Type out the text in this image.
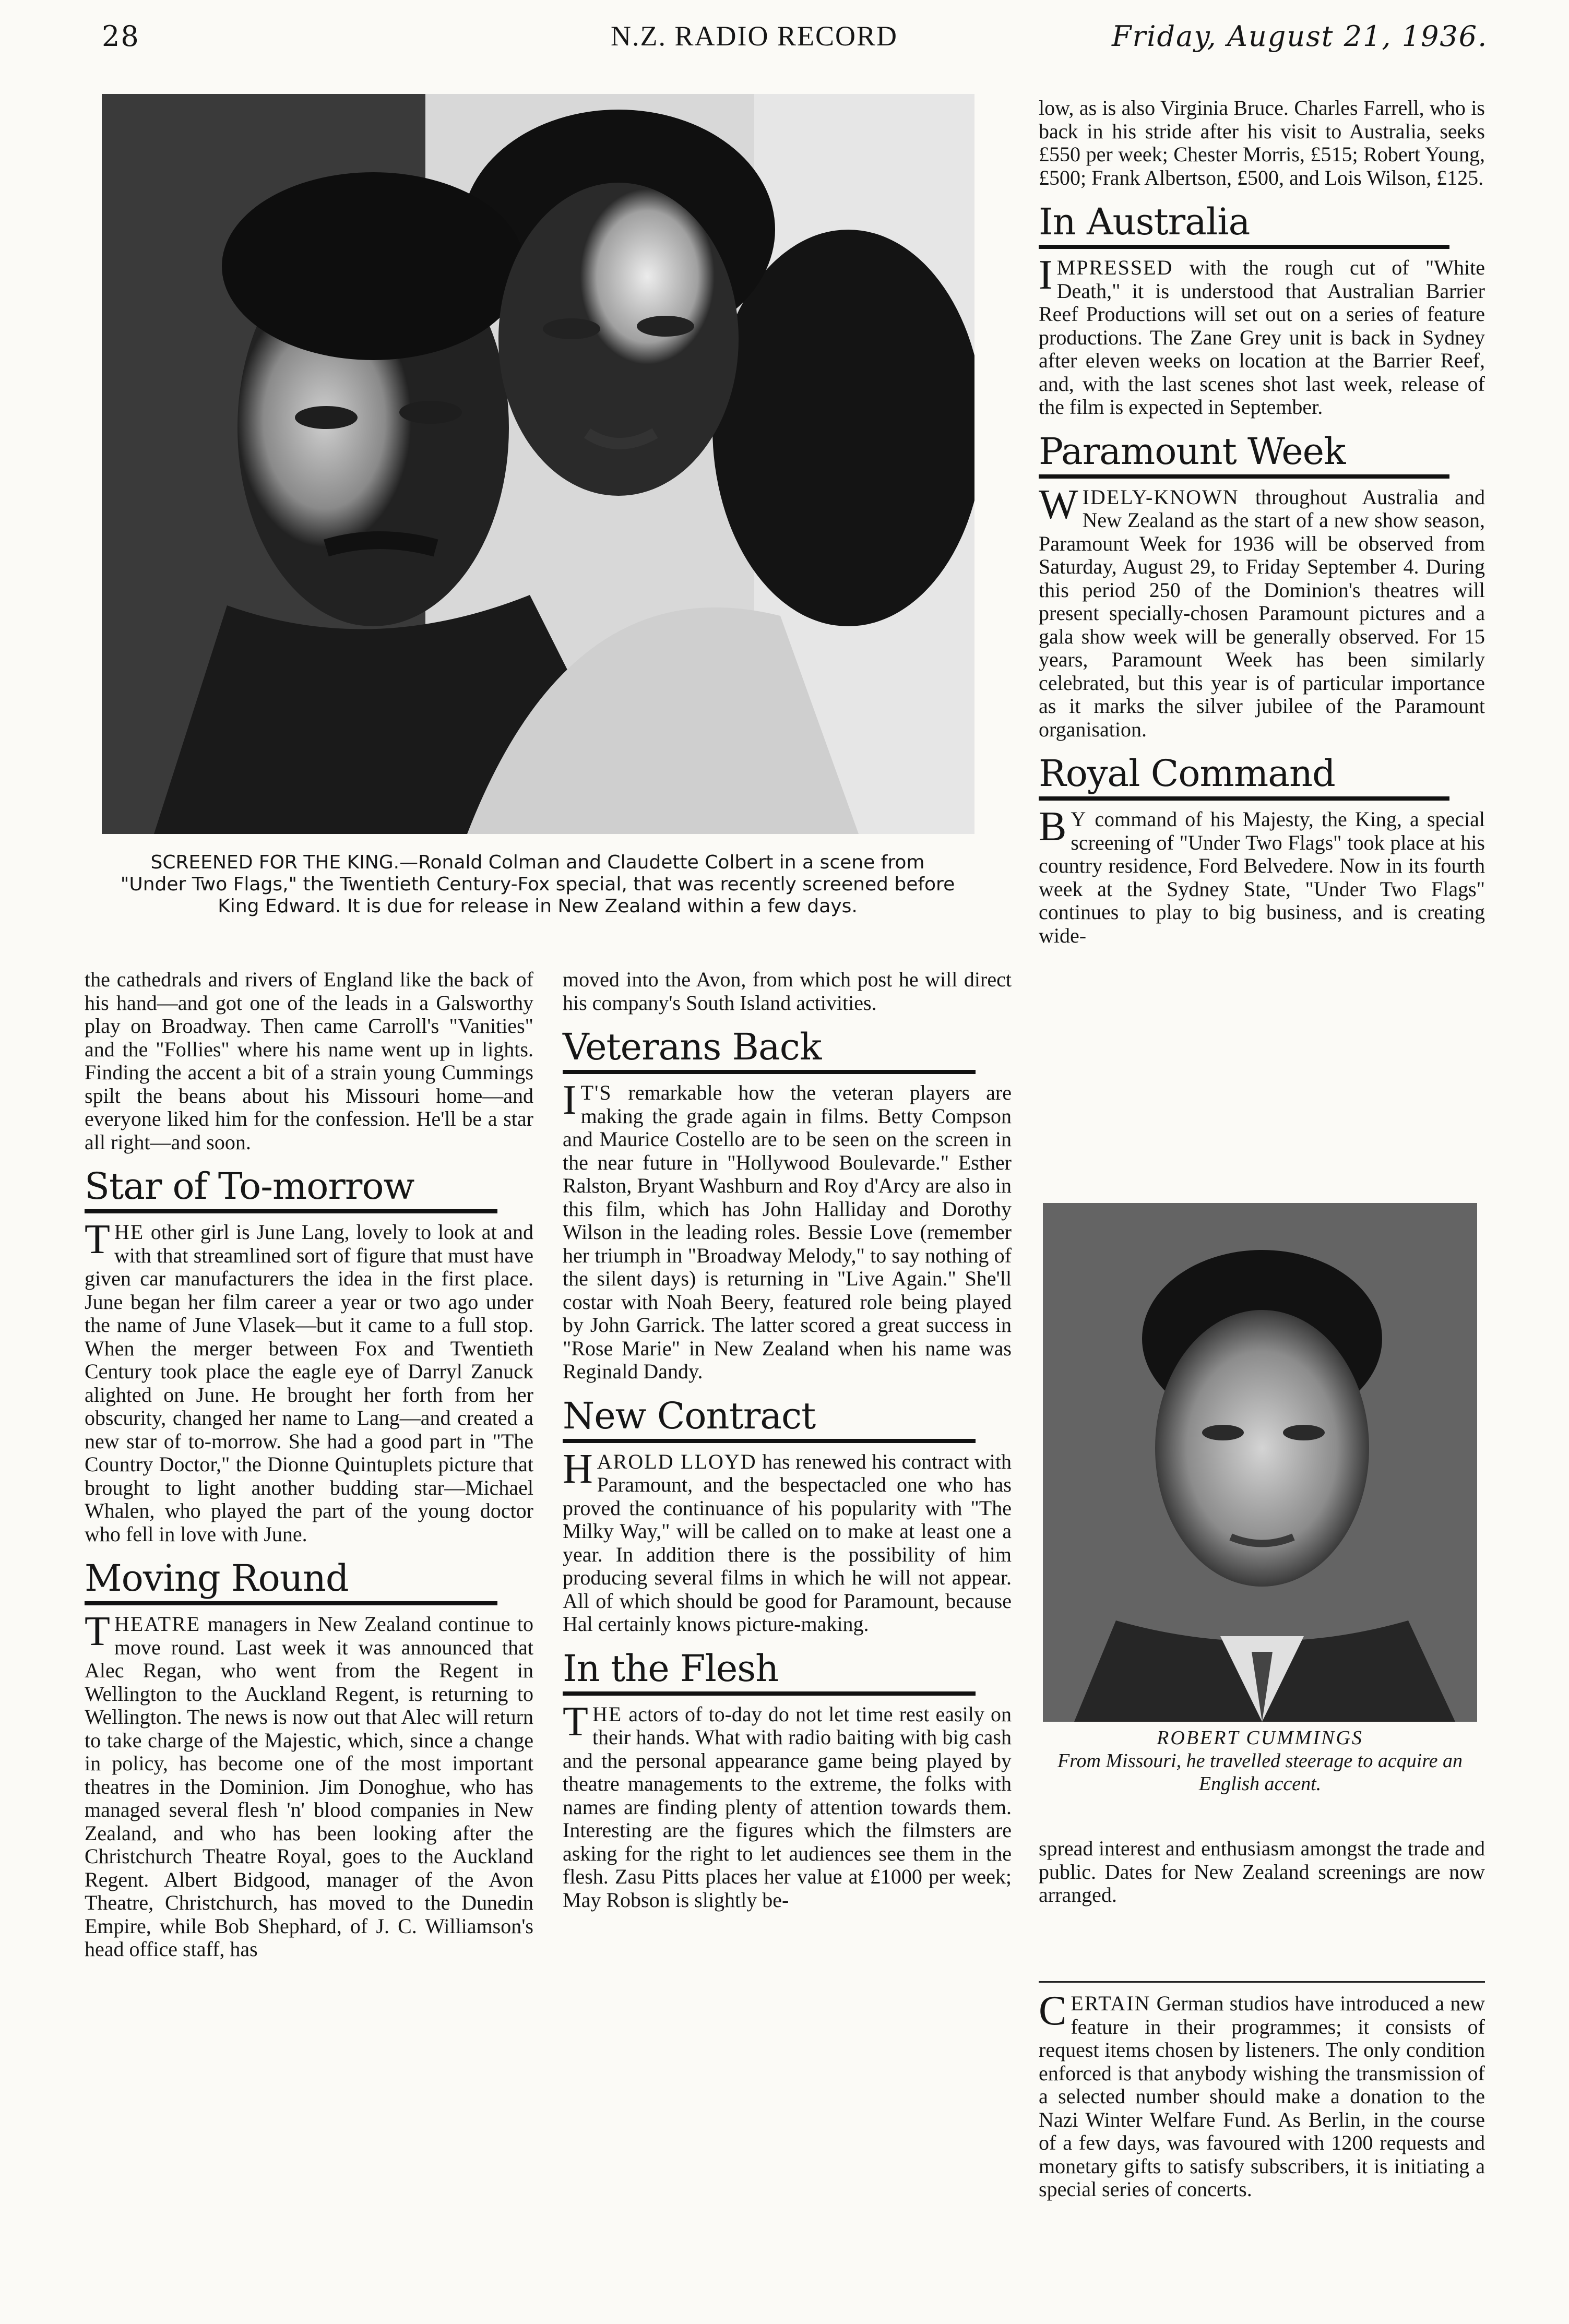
28	N.Z. RADIO RECORD	Friday, August 21, 1936.
SCREENED FOR THE KING.—Ronald Colman and Claudette Colbert in a scene from "Under Two Flags," the Twentieth Century-Fox special, that was recently screened before King Edward. It is due for release in New Zealand within a few days.

the cathedrals and rivers of England like the back of his hand—and got one of the leads in a Galsworthy play on Broadway. Then came Carroll's "Vanities" and the "Follies" where his name went up in lights. Finding the accent a bit of a strain young Cummings spilt the beans about his Missouri home—and everyone liked him for the confession. He'll be a star all right—and soon.

Star of To-morrow

THE other girl is June Lang, lovely to look at and with that streamlined sort of figure that must have given car manufacturers the idea in the first place. June began her film career a year or two ago under the name of June Vlasek—but it came to a full stop. When the merger between Fox and Twentieth Century took place the eagle eye of Darryl Zanuck alighted on June. He brought her forth from her obscurity, changed her name to Lang—and created a new star of to-morrow. She had a good part in "The Country Doctor," the Dionne Quintuplets picture that brought to light another budding star—Michael Whalen, who played the part of the young doctor who fell in love with June.

Moving Round

THEATRE managers in New Zealand continue to move round. Last week it was announced that Alec Regan, who went from the Regent in Wellington to the Auckland Regent, is returning to Wellington. The news is now out that Alec will return to take charge of the Majestic, which, since a change in policy, has become one of the most important theatres in the Dominion. Jim Donoghue, who has managed several flesh 'n' blood companies in New Zealand, and who has been looking after the Christchurch Theatre Royal, goes to the Auckland Regent. Albert Bidgood, manager of the Avon Theatre, Christchurch, has moved to the Dunedin Empire, while Bob Shephard, of J. C. Williamson's head office staff, has

moved into the Avon, from which post he will direct his company's South Island activities.

Veterans Back

I T'S remarkable how the veteran players are making the grade again in films. Betty Compson and Maurice Costello are to be seen on the screen in the near future in "Hollywood Boulevarde." Esther Ralston, Bryant Washburn and Roy d'Arcy are also in this film, which has John Halliday and Dorothy Wilson in the leading roles. Bessie Love (remember her triumph in "Broadway Melody," to say nothing of the silent days) is returning in "Live Again." She'll costar with Noah Beery, featured role being played by John Garrick. The latter scored a great success in "Rose Marie" in New Zealand when his name was Reginald Dandy.

New Contract

HAROLD LLOYD has renewed his contract with Paramount, and the bespectacled one who has proved the continuance of his popularity with "The Milky Way," will be called on to make at least one a year. In addition there is the possibility of him producing several films in which he will not appear. All of which should be good for Paramount, because Hal certainly knows picture-making.

In the Flesh

THE actors of to-day do not let time rest easily on their hands. What with radio baiting with big cash and the personal appearance game being played by theatre managements to the extreme, the folks with names are finding plenty of attention towards them. Interesting are the figures which the filmsters are asking for the right to let audiences see them in the flesh. Zasu Pitts places her value at £1000 per week; May Robson is slightly be-

low, as is also Virginia Bruce. Charles Farrell, who is back in his stride after his visit to Australia, seeks £550 per week; Chester Morris, £515; Robert Young, £500; Frank Albertson, £500, and Lois Wilson, £125.

In Australia

IMPRESSED with the rough cut of "White Death," it is understood that Australian Barrier Reef Productions will set out on a series of feature productions. The Zane Grey unit is back in Sydney after eleven weeks on location at the Barrier Reef, and, with the last scenes shot last week, release of the film is expected in September.

Paramount Week

WIDELY-KNOWN throughout Australia and New Zealand as the start of a new show season, Paramount Week for 1936 will be observed from Saturday, August 29, to Friday September 4. During this period 250 of the Dominion's theatres will present specially-chosen Paramount pictures and a gala show week will be generally observed. For 15 years, Paramount Week has been similarly celebrated, but this year is of particular importance as it marks the silver jubilee of the Paramount organisation.

Royal Command

B Y command of his Majesty, the King, a special screening of "Under Two Flags" took place at his country residence, Ford Belvedere. Now in its fourth week at the Sydney State, "Under Two Flags" continues to play to big business, and is creating wide-

ROBERT CUMMINGS
From Missouri, he travelled steerage to acquire an English accent.

spread interest and enthusiasm amongst the trade and public. Dates for New Zealand screenings are now arranged.

CERTAIN German studios have introduced a new feature in their programmes; it consists of request items chosen by listeners. The only condition enforced is that anybody wishing the transmission of a selected number should make a donation to the Nazi Winter Welfare Fund. As Berlin, in the course of a few days, was favoured with 1200 requests and monetary gifts to satisfy subscribers, it is initiating a special series of concerts.
